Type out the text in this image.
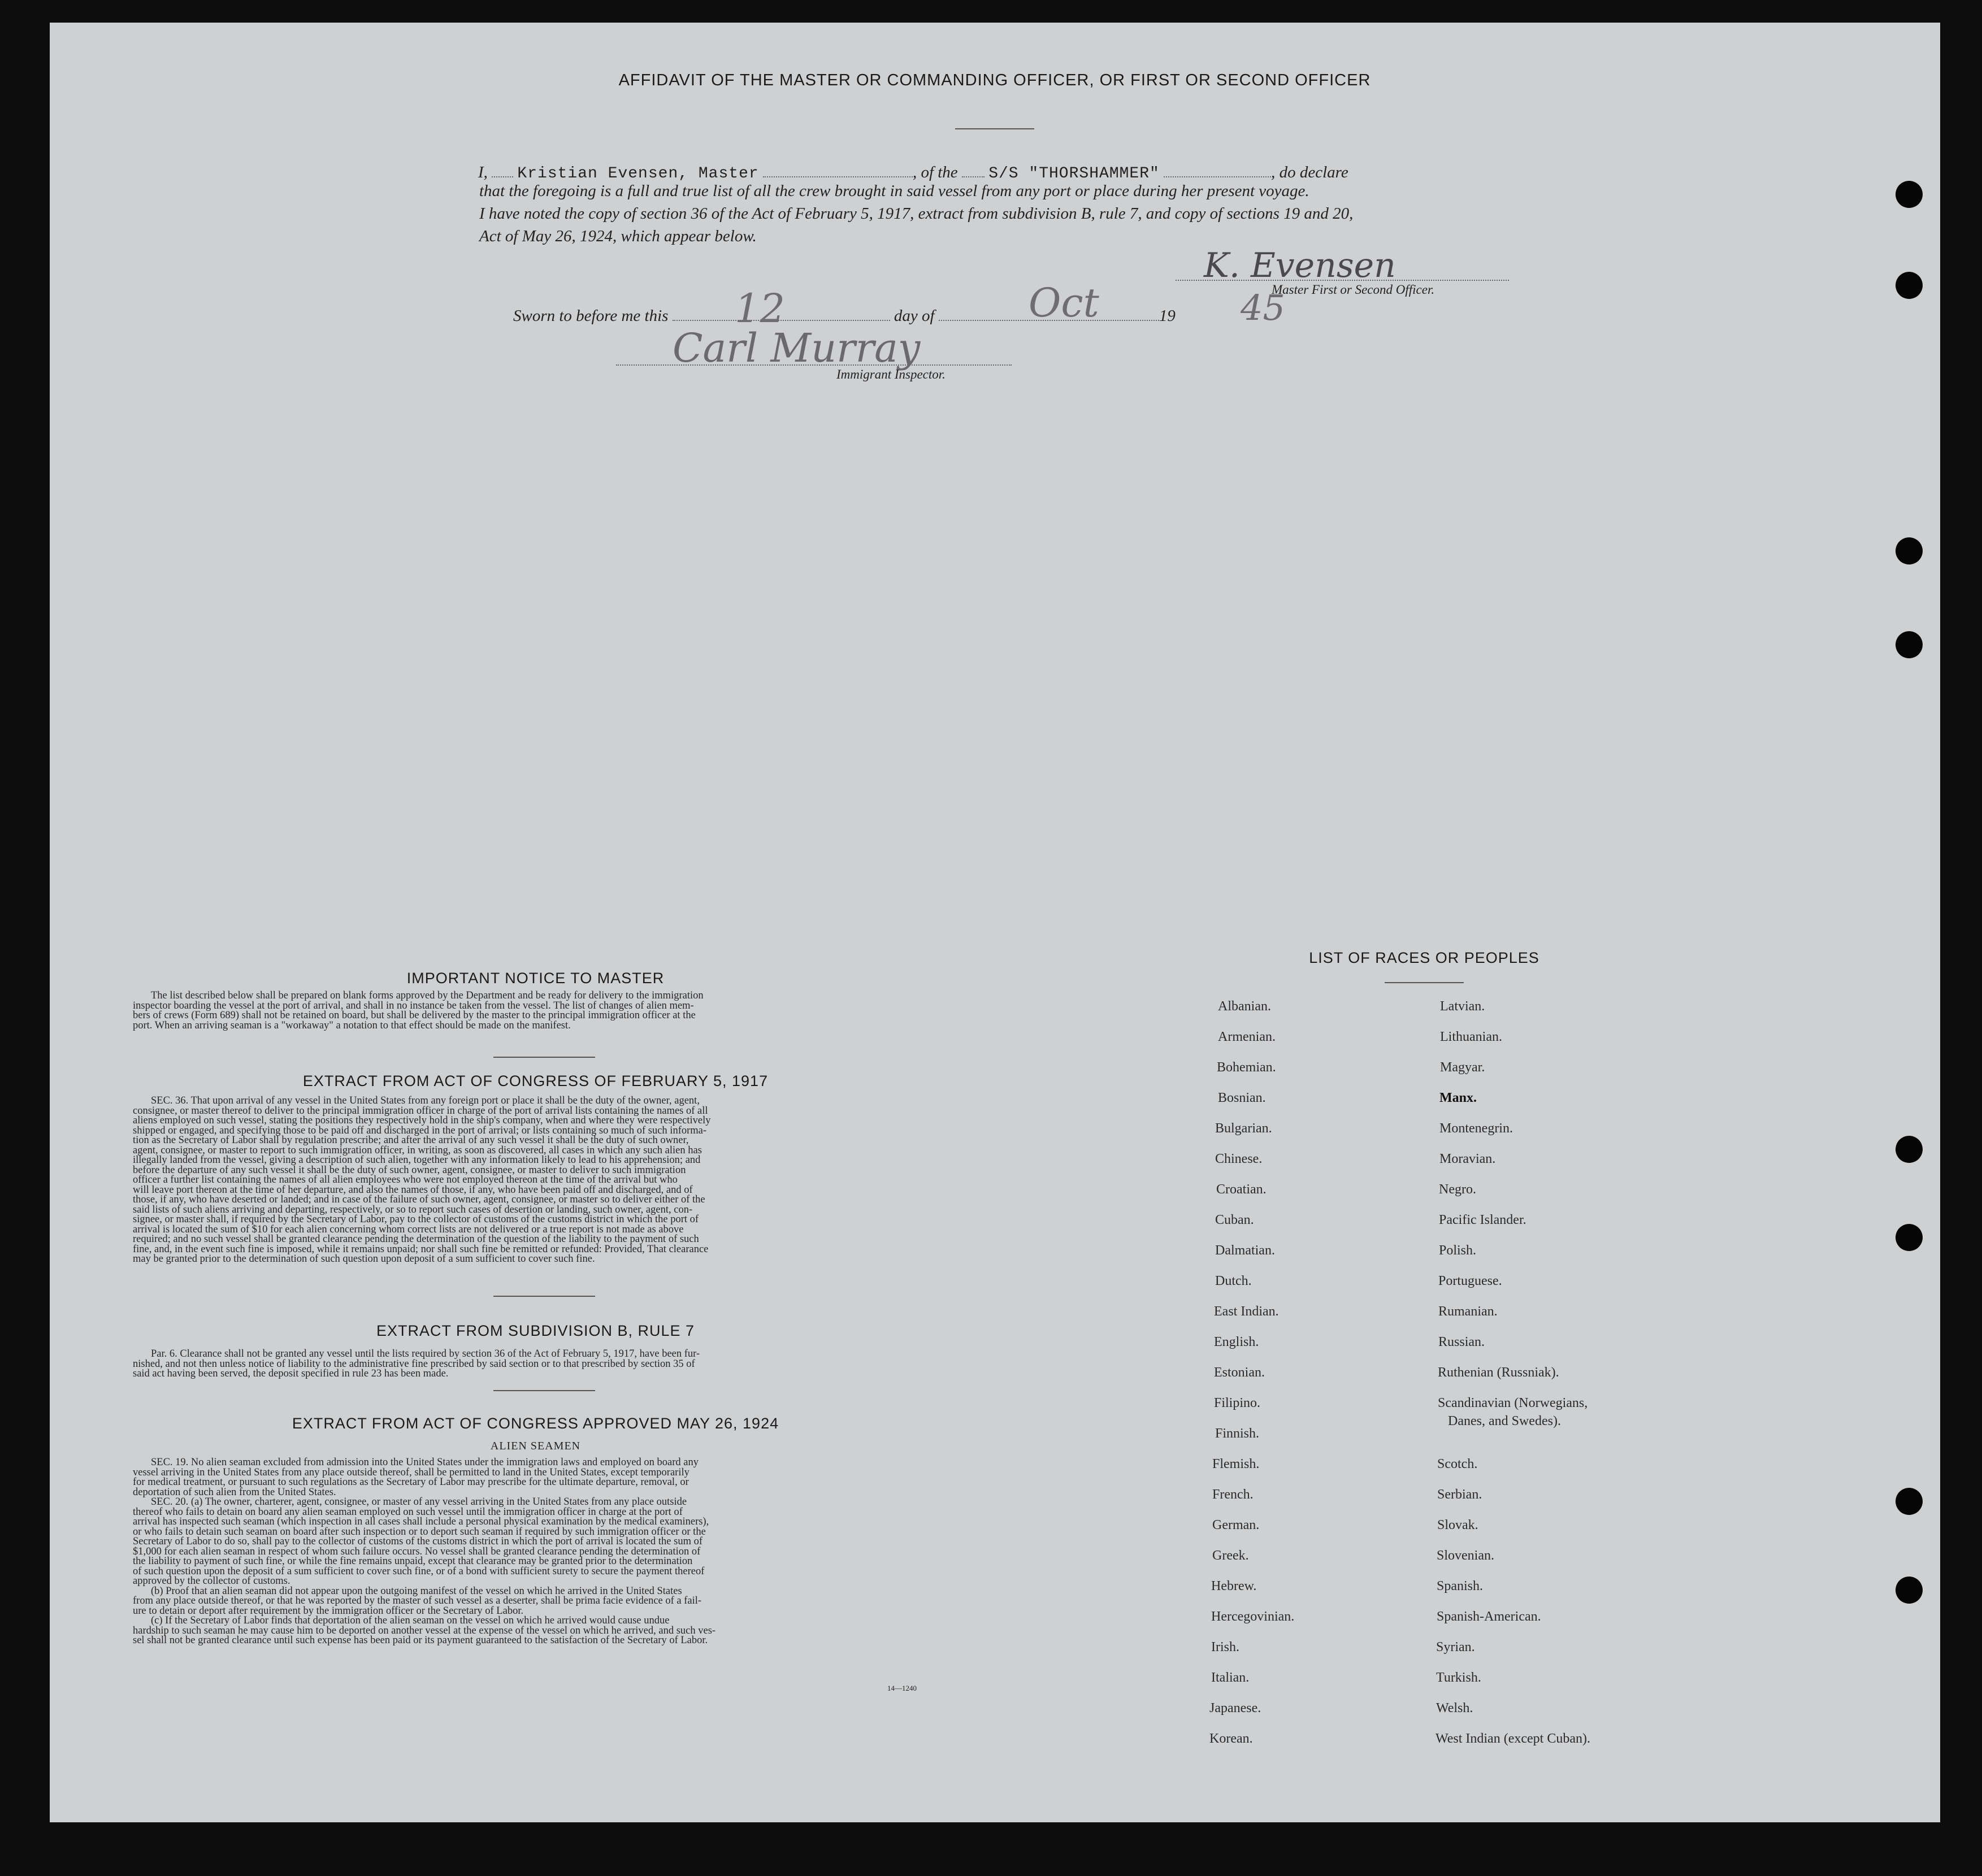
AFFIDAVIT OF THE MASTER OR COMMANDING OFFICER, OR FIRST OR SECOND OFFICER
I, Kristian Evensen, Master	, of the S/S "THORSHAMMER"	, do declare
that the foregoing is a full and true list of all the crew brought in said vessel from any port or place during her present voyage.
I have noted the copy of section 36 of the Act of February 5, 1917, extract from subdivision B, rule 7, and copy of sections 19 and 20,
Act of May 26, 1924, which appear below.
K. Evensen
Master First or Second Officer.
Sworn to before me this	day of	19
12	Oct	45
Carl Murray
Immigrant Inspector.
IMPORTANT NOTICE TO MASTER

The list described below shall be prepared on blank forms approved by the Department and be ready for delivery to the immigration

inspector boarding the vessel at the port of arrival, and shall in no instance be taken from the vessel. The list of changes of alien mem-
bers of crews (Form 689) shall not be retained on board, but shall be delivered by the master to the principal immigration officer at the
port. When an arriving seaman is a "workaway" a notation to that effect should be made on the manifest.
EXTRACT FROM ACT OF CONGRESS OF FEBRUARY 5, 1917

SEC. 36. That upon arrival of any vessel in the United States from any foreign port or place it shall be the duty of the owner, agent,

consignee, or master thereof to deliver to the principal immigration officer in charge of the port of arrival lists containing the names of all
aliens employed on such vessel, stating the positions they respectively hold in the ship's company, when and where they were respectively
shipped or engaged, and specifying those to be paid off and discharged in the port of arrival; or lists containing so much of such informa-
tion as the Secretary of Labor shall by regulation prescribe; and after the arrival of any such vessel it shall be the duty of such owner,
agent, consignee, or master to report to such immigration officer, in writing, as soon as discovered, all cases in which any such alien has
illegally landed from the vessel, giving a description of such alien, together with any information likely to lead to his apprehension; and
before the departure of any such vessel it shall be the duty of such owner, agent, consignee, or master to deliver to such immigration
officer a further list containing the names of all alien employees who were not employed thereon at the time of the arrival but who
will leave port thereon at the time of her departure, and also the names of those, if any, who have been paid off and discharged, and of
those, if any, who have deserted or landed; and in case of the failure of such owner, agent, consignee, or master so to deliver either of the
said lists of such aliens arriving and departing, respectively, or so to report such cases of desertion or landing, such owner, agent, con-
signee, or master shall, if required by the Secretary of Labor, pay to the collector of customs of the customs district in which the port of
arrival is located the sum of $10 for each alien concerning whom correct lists are not delivered or a true report is not made as above
required; and no such vessel shall be granted clearance pending the determination of the question of the liability to the payment of such
fine, and, in the event such fine is imposed, while it remains unpaid; nor shall such fine be remitted or refunded: Provided, That clearance
may be granted prior to the determination of such question upon deposit of a sum sufficient to cover such fine.
EXTRACT FROM SUBDIVISION B, RULE 7

Par. 6. Clearance shall not be granted any vessel until the lists required by section 36 of the Act of February 5, 1917, have been fur-

nished, and not then unless notice of liability to the administrative fine prescribed by said section or to that prescribed by section 35 of
said act having been served, the deposit specified in rule 23 has been made.
EXTRACT FROM ACT OF CONGRESS APPROVED MAY 26, 1924
ALIEN SEAMEN

SEC. 19. No alien seaman excluded from admission into the United States under the immigration laws and employed on board any

vessel arriving in the United States from any place outside thereof, shall be permitted to land in the United States, except temporarily
for medical treatment, or pursuant to such regulations as the Secretary of Labor may prescribe for the ultimate departure, removal, or
deportation of such alien from the United States.

SEC. 20. (a) The owner, charterer, agent, consignee, or master of any vessel arriving in the United States from any place outside

thereof who fails to detain on board any alien seaman employed on such vessel until the immigration officer in charge at the port of
arrival has inspected such seaman (which inspection in all cases shall include a personal physical examination by the medical examiners),
or who fails to detain such seaman on board after such inspection or to deport such seaman if required by such immigration officer or the
Secretary of Labor to do so, shall pay to the collector of customs of the customs district in which the port of arrival is located the sum of
$1,000 for each alien seaman in respect of whom such failure occurs. No vessel shall be granted clearance pending the determination of
the liability to payment of such fine, or while the fine remains unpaid, except that clearance may be granted prior to the determination
of such question upon the deposit of a sum sufficient to cover such fine, or of a bond with sufficient surety to secure the payment thereof
approved by the collector of customs.

(b) Proof that an alien seaman did not appear upon the outgoing manifest of the vessel on which he arrived in the United States

from any place outside thereof, or that he was reported by the master of such vessel as a deserter, shall be prima facie evidence of a fail-
ure to detain or deport after requirement by the immigration officer or the Secretary of Labor.

(c) If the Secretary of Labor finds that deportation of the alien seaman on the vessel on which he arrived would cause undue

hardship to such seaman he may cause him to be deported on another vessel at the expense of the vessel on which he arrived, and such ves-
sel shall not be granted clearance until such expense has been paid or its payment guaranteed to the satisfaction of the Secretary of Labor.
14—1240
LIST OF RACES OR PEOPLES
Albanian.
Armenian.
Bohemian.
Bosnian.
Bulgarian.
Chinese.
Croatian.
Cuban.
Dalmatian.
Dutch.
East Indian.
English.
Estonian.
Filipino.
Finnish.
Flemish.
French.
German.
Greek.
Hebrew.
Hercegovinian.
Irish.
Italian.
Japanese.
Korean.
Latvian.
Lithuanian.
Magyar.
Manx.
Montenegrin.
Moravian.
Negro.
Pacific Islander.
Polish.
Portuguese.
Rumanian.
Russian.
Ruthenian (Russniak).
Scandinavian (Norwegians,
Danes, and Swedes).
Scotch.
Serbian.
Slovak.
Slovenian.
Spanish.
Spanish-American.
Syrian.
Turkish.
Welsh.
West Indian (except Cuban).
